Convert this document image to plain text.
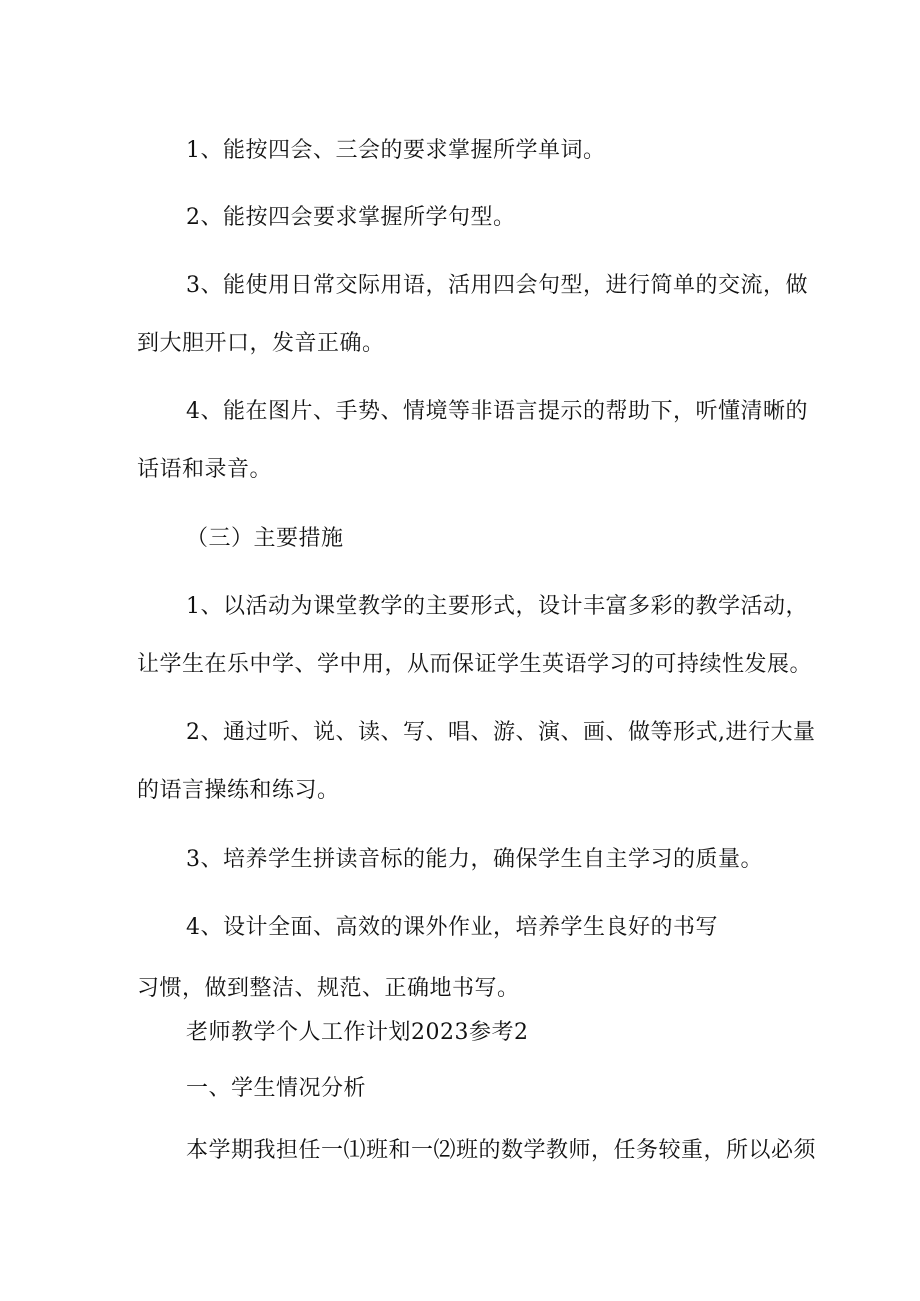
1、能按四会、三会的要求掌握所学单词。
2、能按四会要求掌握所学句型。
3、能使用日常交际用语，活用四会句型，进行简单的交流，做
到大胆开口，发音正确。
4、能在图片、手势、情境等非语言提示的帮助下，听懂清晰的
话语和录音。
（三）主要措施
1、以活动为课堂教学的主要形式，设计丰富多彩的教学活动，
让学生在乐中学、学中用，从而保证学生英语学习的可持续性发展。
2、通过听、说、读、写、唱、游、演、画、做等形式,进行大量
的语言操练和练习。
3、培养学生拼读音标的能力，确保学生自主学习的质量。
4、设计全面、高效的课外作业，培养学生良好的书写
习惯，做到整洁、规范、正确地书写。
老师教学个人工作计划2023参考2
一、学生情况分析
本学期我担任一⑴班和一⑵班的数学教师，任务较重，所以必须
